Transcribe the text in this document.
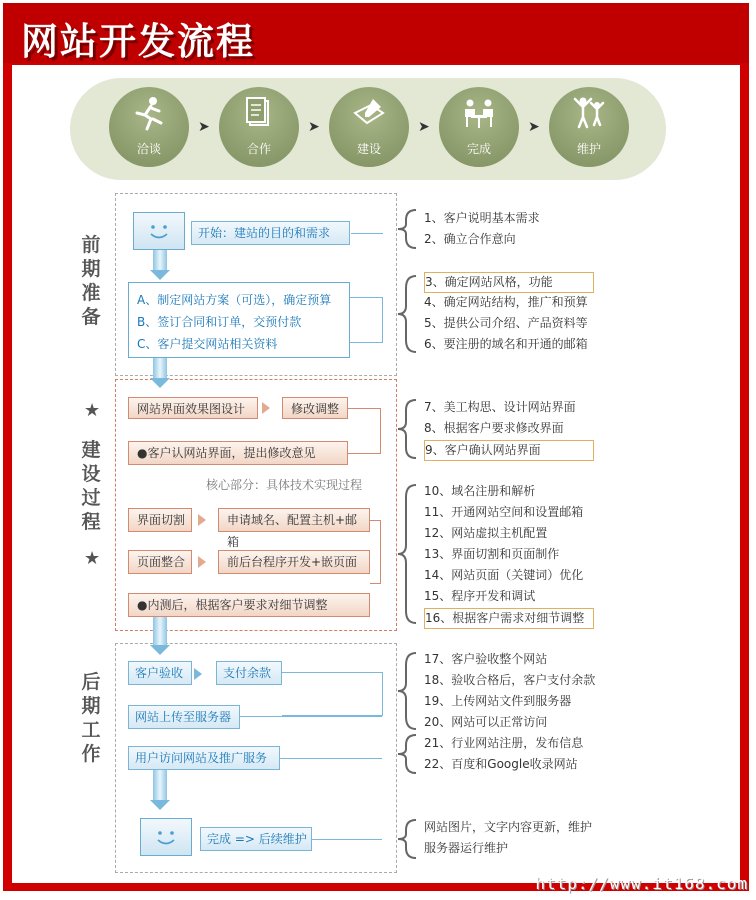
网站开发流程
洽谈
➤
合作
➤
建设
➤
完成
➤
维护
前期准备
★
建设过程
★
后期工作
开始：建站的目的和需求
A、制定网站方案（可选），确定预算
B、签订合同和订单，交预付款
C、客户提交网站相关资料
网站界面效果图设计	修改调整
●客户认网站界面，提出修改意见
核心部分：具体技术实现过程
界面切割	申请域名、配置主机+邮箱
页面整合	前后台程序开发+嵌页面
●内测后，根据客户要求对细节调整
客户验收	支付余款
网站上传至服务器
用户访问网站及推广服务
完成 => 后续维护
1、客户说明基本需求
2、确立合作意向
3、确定网站风格，功能
4、确定网站结构，推广和预算
5、提供公司介绍、产品资料等
6、要注册的域名和开通的邮箱
7、美工构思、设计网站界面
8、根据客户要求修改界面
9、客户确认网站界面
10、域名注册和解析
11、开通网站空间和设置邮箱
12、网站虚拟主机配置
13、界面切割和页面制作
14、网站页面（关键词）优化
15、程序开发和调试
16、根据客户需求对细节调整
17、客户验收整个网站
18、验收合格后，客户支付余款
19、上传网站文件到服务器
20、网站可以正常访问
21、行业网站注册，发布信息
22、百度和Google收录网站
网站图片，文字内容更新，维护
服务器运行维护
http://www.it168.com
